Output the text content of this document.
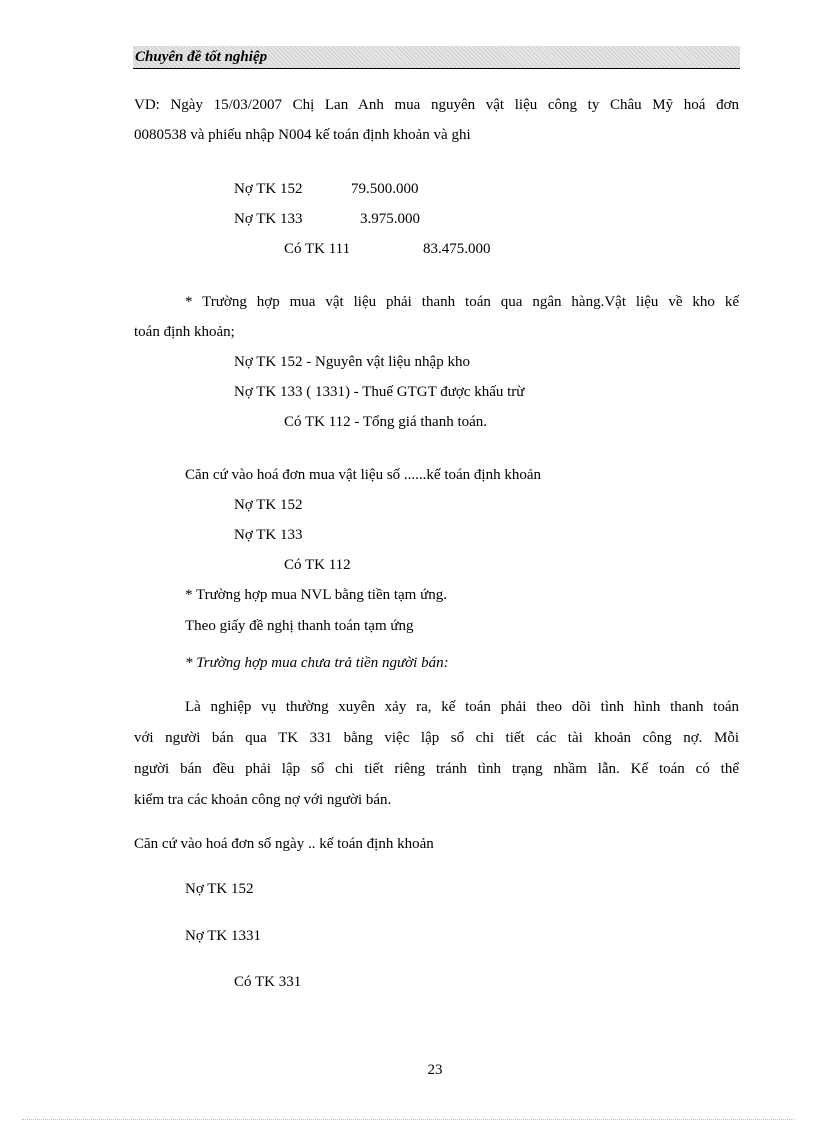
Chuyên đề tốt nghiệp
VD: Ngày 15/03/2007 Chị Lan Anh mua nguyên vật liệu công ty Châu Mỹ hoá đơn
0080538 và phiếu nhập N004 kế toán định khoản và ghi
Nợ TK 152	79.500.000
Nợ TK 133	3.975.000
Có TK 111	83.475.000
* Trường hợp mua vật liệu phải thanh toán qua ngân hàng.Vật liệu về kho kế
toán định khoản;
Nợ TK 152 - Nguyên vật liệu nhập kho
Nợ TK 133 ( 1331) - Thuế GTGT được khấu trừ
Có TK 112 - Tổng giá thanh toán.
Căn cứ vào hoá đơn mua vật liệu số ......kế toán định khoản
Nợ TK 152
Nợ TK 133
Có TK 112
* Trường hợp mua NVL bằng tiền tạm ứng.
Theo giấy đề nghị thanh toán tạm ứng
* Trường hợp mua chưa trả tiền người bán:
Là nghiệp vụ thường xuyên xảy ra, kế toán phải theo dõi tình hình thanh toán
với người bán qua TK 331 bằng việc lập sổ chi tiết các tài khoản công nợ. Mỗi
người bán đều phải lập sổ chi tiết riêng tránh tình trạng nhầm lẫn. Kế toán có thể
kiểm tra các khoản công nợ với người bán.
Căn cứ vào hoá đơn số ngày .. kế toán định khoản
Nợ TK 152
Nợ TK 1331
Có TK 331
23
